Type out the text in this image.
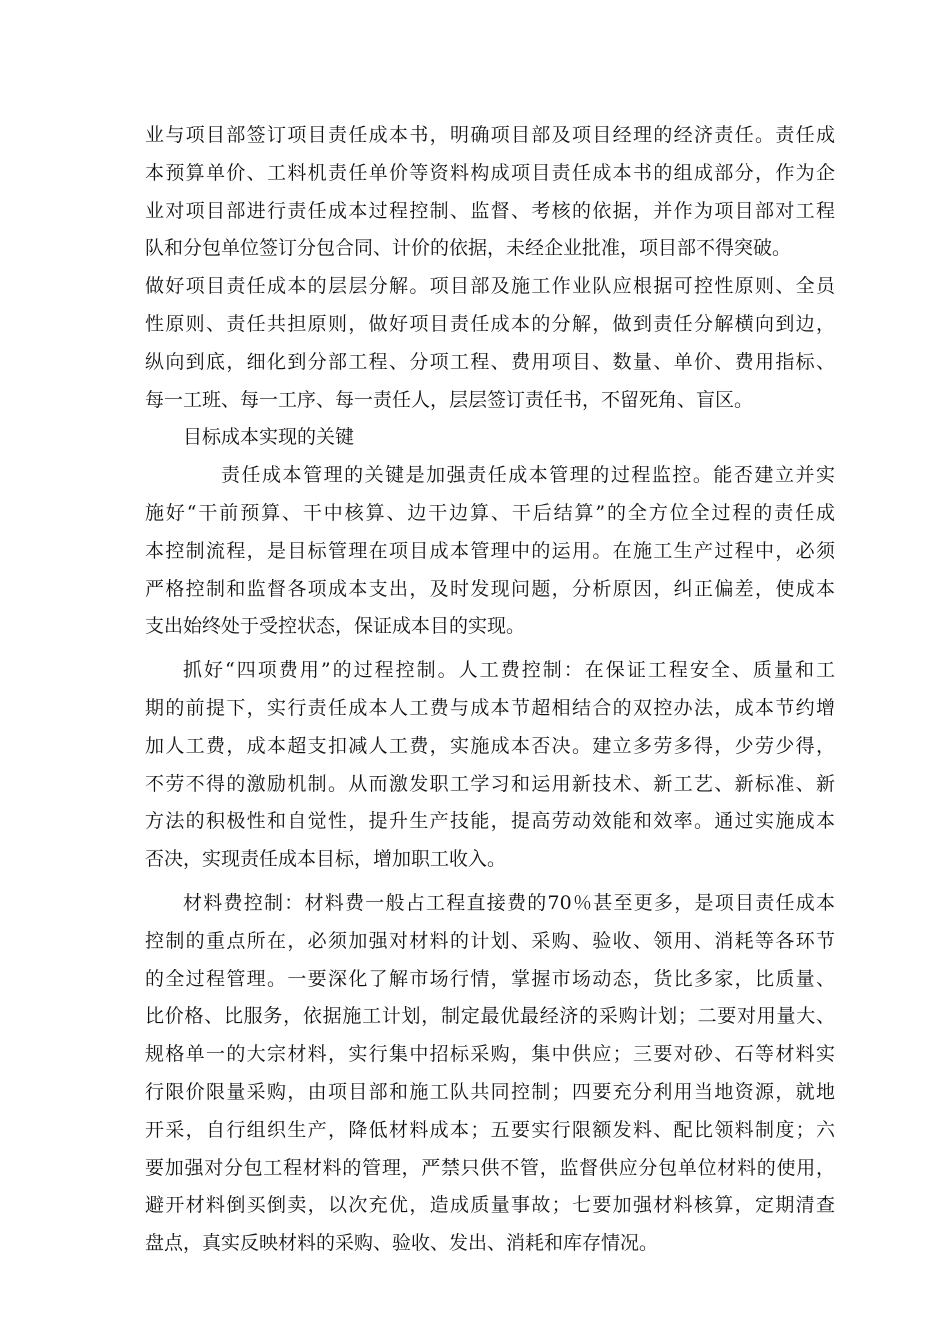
业与项目部签订项目责任成本书，明确项目部及项目经理的经济责任。责任成
本预算单价、工料机责任单价等资料构成项目责任成本书的组成部分，作为企
业对项目部进行责任成本过程控制、监督、考核的依据，并作为项目部对工程
队和分包单位签订分包合同、计价的依据，未经企业批准，项目部不得突破。
做好项目责任成本的层层分解。项目部及施工作业队应根据可控性原则、全员
性原则、责任共担原则，做好项目责任成本的分解，做到责任分解横向到边，
纵向到底，细化到分部工程、分项工程、费用项目、数量、单价、费用指标、
每一工班、每一工序、每一责任人，层层签订责任书，不留死角、盲区。
目标成本实现的关键
责任成本管理的关键是加强责任成本管理的过程监控。能否建立并实
施好“干前预算、干中核算、边干边算、干后结算”的全方位全过程的责任成
本控制流程，是目标管理在项目成本管理中的运用。在施工生产过程中，必须
严格控制和监督各项成本支出，及时发现问题，分析原因，纠正偏差，使成本
支出始终处于受控状态，保证成本目的实现。
抓好“四项费用”的过程控制。人工费控制：在保证工程安全、质量和工
期的前提下，实行责任成本人工费与成本节超相结合的双控办法，成本节约增
加人工费，成本超支扣减人工费，实施成本否决。建立多劳多得，少劳少得，
不劳不得的激励机制。从而激发职工学习和运用新技术、新工艺、新标准、新
方法的积极性和自觉性，提升生产技能，提高劳动效能和效率。通过实施成本
否决，实现责任成本目标，增加职工收入。
材料费控制：材料费一般占工程直接费的70％甚至更多，是项目责任成本
控制的重点所在，必须加强对材料的计划、采购、验收、领用、消耗等各环节
的全过程管理。一要深化了解市场行情，掌握市场动态，货比多家，比质量、
比价格、比服务，依据施工计划，制定最优最经济的采购计划；二要对用量大、
规格单一的大宗材料，实行集中招标采购，集中供应；三要对砂、石等材料实
行限价限量采购，由项目部和施工队共同控制；四要充分利用当地资源，就地
开采，自行组织生产，降低材料成本；五要实行限额发料、配比领料制度；六
要加强对分包工程材料的管理，严禁只供不管，监督供应分包单位材料的使用，
避开材料倒买倒卖，以次充优，造成质量事故；七要加强材料核算，定期清查
盘点，真实反映材料的采购、验收、发出、消耗和库存情况。
